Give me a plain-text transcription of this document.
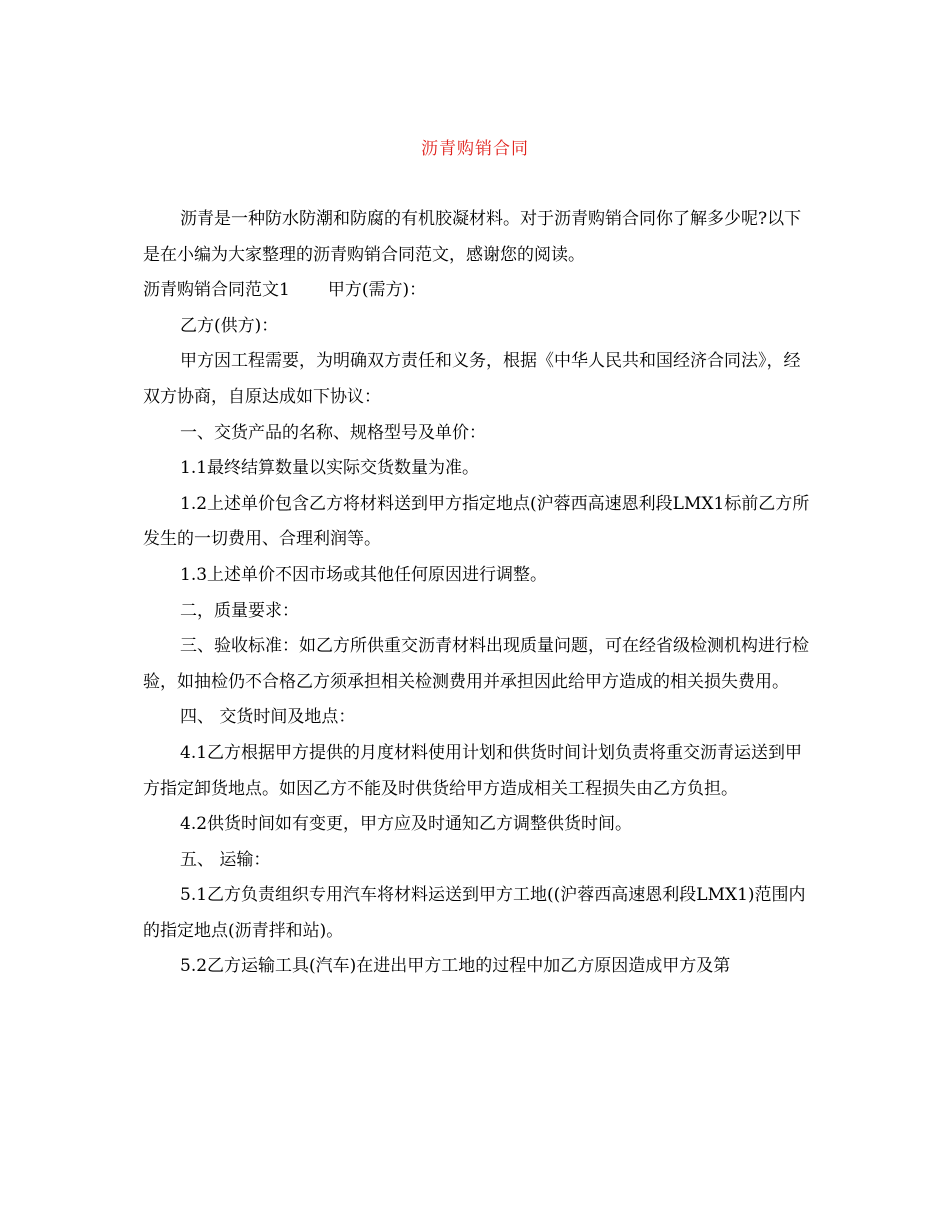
沥青购销合同

沥青是一种防水防潮和防腐的有机胶凝材料。对于沥青购销合同你了解多少呢?以下是在小编为大家整理的沥青购销合同范文，感谢您的阅读。

沥青购销合同范文1 甲方(需方)：

乙方(供方)：

甲方因工程需要，为明确双方责任和义务，根据《中华人民共和国经济合同法》，经双方协商，自原达成如下协议：

一、交货产品的名称、规格型号及单价：

1.1最终结算数量以实际交货数量为准。

1.2上述单价包含乙方将材料送到甲方指定地点(沪蓉西高速恩利段LMX1标前乙方所发生的一切费用、合理利润等。

1.3上述单价不因市场或其他任何原因进行调整。

二，质量要求：

三、验收标准：如乙方所供重交沥青材料出现质量问题，可在经省级检测机构进行检验，如抽检仍不合格乙方须承担相关检测费用并承担因此给甲方造成的相关损失费用。

四、 交货时间及地点：

4.1乙方根据甲方提供的月度材料使用计划和供货时间计划负责将重交沥青运送到甲方指定卸货地点。如因乙方不能及时供货给甲方造成相关工程损失由乙方负担。

4.2供货时间如有变更，甲方应及时通知乙方调整供货时间。

五、 运输：

5.1乙方负责组织专用汽车将材料运送到甲方工地((沪蓉西高速恩利段LMX1)范围内的指定地点(沥青拌和站)。

5.2乙方运输工具(汽车)在进出甲方工地的过程中加乙方原因造成甲方及第
